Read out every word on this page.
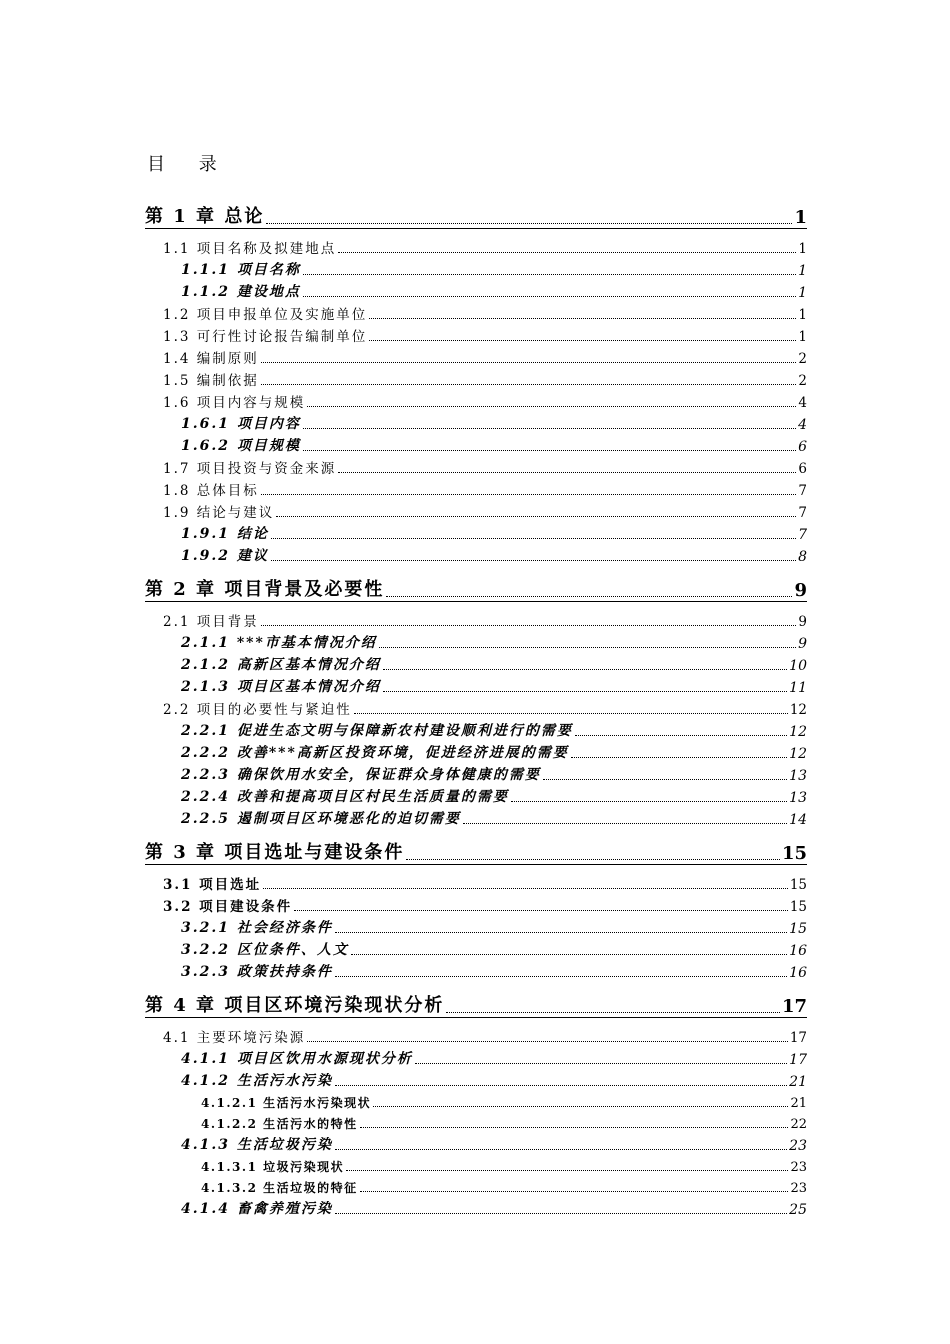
目 录
第 1 章 总论	1
1.1 项目名称及拟建地点	1
1.1.1 项目名称	1
1.1.2 建设地点	1
1.2 项目申报单位及实施单位	1
1.3 可行性讨论报告编制单位	1
1.4 编制原则	2
1.5 编制依据	2
1.6 项目内容与规模	4
1.6.1 项目内容	4
1.6.2 项目规模	6
1.7 项目投资与资金来源	6
1.8 总体目标	7
1.9 结论与建议	7
1.9.1 结论	7
1.9.2 建议	8
第 2 章 项目背景及必要性	9
2.1 项目背景	9
2.1.1 ***市基本情况介绍	9
2.1.2 高新区基本情况介绍	10
2.1.3 项目区基本情况介绍	11
2.2 项目的必要性与紧迫性	12
2.2.1 促进生态文明与保障新农村建设顺利进行的需要	12
2.2.2 改善***高新区投资环境，促进经济进展的需要	12
2.2.3 确保饮用水安全，保证群众身体健康的需要	13
2.2.4 改善和提高项目区村民生活质量的需要	13
2.2.5 遏制项目区环境恶化的迫切需要	14
第 3 章 项目选址与建设条件	15
3.1 项目选址	15
3.2 项目建设条件	15
3.2.1 社会经济条件	15
3.2.2 区位条件、人文	16
3.2.3 政策扶持条件	16
第 4 章 项目区环境污染现状分析	17
4.1 主要环境污染源	17
4.1.1 项目区饮用水源现状分析	17
4.1.2 生活污水污染	21
4.1.2.1 生活污水污染现状	21
4.1.2.2 生活污水的特性	22
4.1.3 生活垃圾污染	23
4.1.3.1 垃圾污染现状	23
4.1.3.2 生活垃圾的特征	23
4.1.4 畜禽养殖污染	25
